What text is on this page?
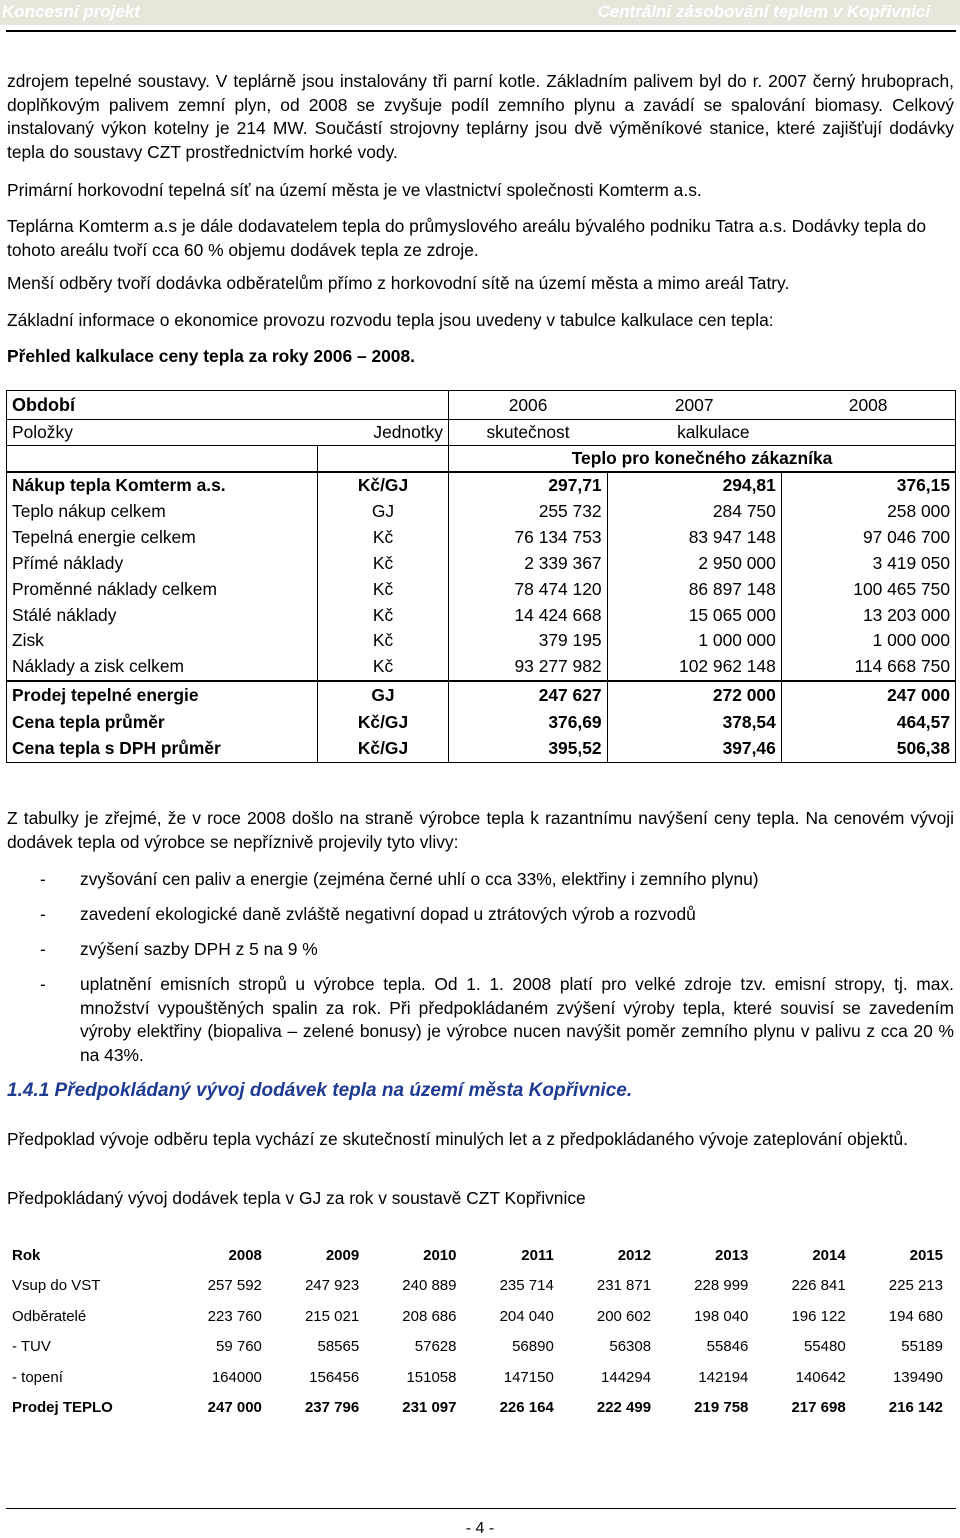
Koncesní projekt	Centrální zásobování teplem v Kopřivnici
zdrojem tepelné soustavy. V teplárně jsou instalovány tři parní kotle. Základním palivem byl do r. 2007 černý hruboprach, doplňkovým palivem zemní plyn, od 2008 se zvyšuje podíl zemního plynu a zavádí se spalování biomasy. Celkový instalovaný výkon kotelny je 214 MW. Součástí strojovny teplárny jsou dvě výměníkové stanice, které zajišťují dodávky tepla do soustavy CZT prostřednictvím horké vody.
Primární horkovodní tepelná síť na území města je ve vlastnictví společnosti Komterm a.s.
Teplárna Komterm a.s je dále dodavatelem tepla do průmyslového areálu bývalého podniku Tatra a.s. Dodávky tepla do tohoto areálu tvoří cca 60 % objemu dodávek tepla ze zdroje.
Menší odběry tvoří dodávka odběratelům přímo z horkovodní sítě na území města a mimo areál Tatry.
Základní informace o ekonomice provozu rozvodu tepla jsou uvedeny v tabulce kalkulace cen tepla:
Přehled kalkulace ceny tepla za roky 2006 – 2008.
Období		2006	2007	2008
Položky	Jednotky	skutečnost	kalkulace	
		Teplo pro konečného zákazníka		
Nákup tepla Komterm a.s.	Kč/GJ	297,71	294,81	376,15
Teplo nákup celkem	GJ	255 732	284 750	258 000
Tepelná energie celkem	Kč	76 134 753	83 947 148	97 046 700
Přímé náklady	Kč	2 339 367	2 950 000	3 419 050
Proměnné náklady celkem	Kč	78 474 120	86 897 148	100 465 750
Stálé náklady	Kč	14 424 668	15 065 000	13 203 000
Zisk	Kč	379 195	1 000 000	1 000 000
Náklady a zisk celkem	Kč	93 277 982	102 962 148	114 668 750
Prodej tepelné energie	GJ	247 627	272 000	247 000
Cena tepla průměr	Kč/GJ	376,69	378,54	464,57
Cena tepla s DPH průměr	Kč/GJ	395,52	397,46	506,38
Z tabulky je zřejmé, že v roce 2008 došlo na straně výrobce tepla k razantnímu navýšení ceny tepla. Na cenovém vývoji dodávek tepla od výrobce se nepříznivě projevily tyto vlivy:
- zvyšování cen paliv a energie (zejména černé uhlí o cca 33%, elektřiny i zemního plynu)
- zavedení ekologické daně zvláště negativní dopad u ztrátových výrob a rozvodů
- zvýšení sazby DPH z 5 na 9 %
- uplatnění emisních stropů u výrobce tepla. Od 1. 1. 2008 platí pro velké zdroje tzv. emisní stropy, tj. max. množství vypouštěných spalin za rok. Při předpokládaném zvýšení výroby tepla, které souvisí se zavedením výroby elektřiny (biopaliva – zelené bonusy) je výrobce nucen navýšit poměr zemního plynu v palivu z cca 20 % na 43%.
1.4.1 Předpokládaný vývoj dodávek tepla na území města Kopřivnice.
Předpoklad vývoje odběru tepla vychází ze skutečností minulých let a z předpokládaného vývoje zateplování objektů.
Předpokládaný vývoj dodávek tepla v GJ za rok v soustavě CZT Kopřivnice
Rok	2008	2009	2010	2011	2012	2013	2014	2015
Vsup do VST	257 592	247 923	240 889	235 714	231 871	228 999	226 841	225 213
Odběratelé	223 760	215 021	208 686	204 040	200 602	198 040	196 122	194 680
- TUV	59 760	58565	57628	56890	56308	55846	55480	55189
- topení	164000	156456	151058	147150	144294	142194	140642	139490
Prodej TEPLO	247 000	237 796	231 097	226 164	222 499	219 758	217 698	216 142
- 4 -
